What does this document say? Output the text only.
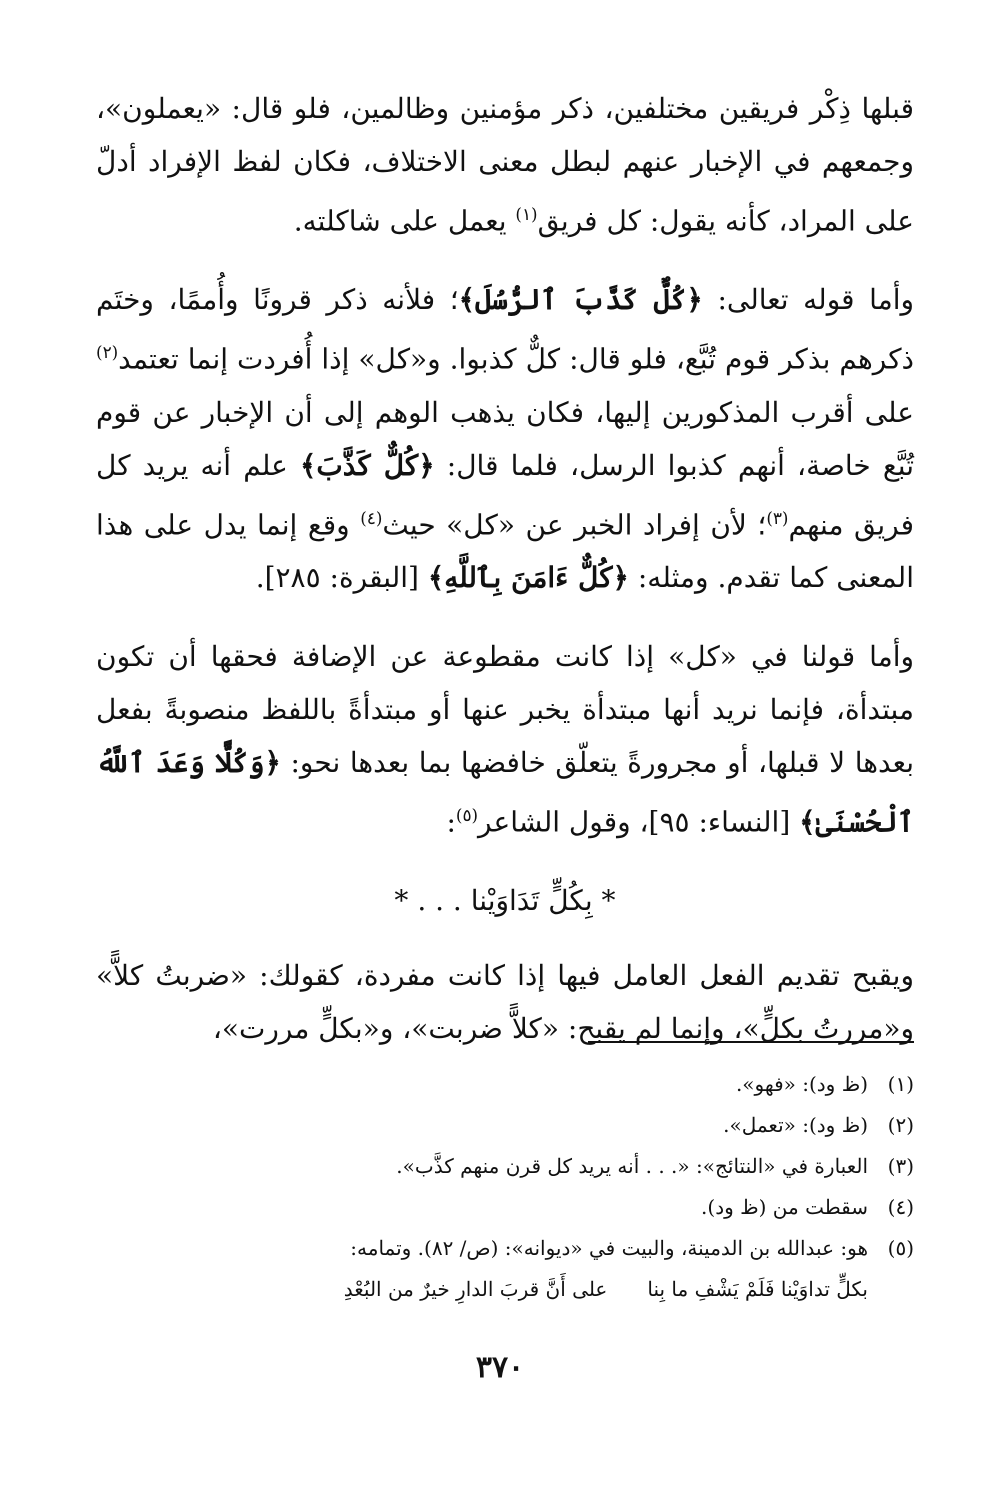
قبلها ذِكْر فريقين مختلفين، ذكر مؤمنين وظالمين، فلو قال: «يعملون»، وجمعهم في الإخبار عنهم لبطل معنى الاختلاف، فكان لفظ الإفراد أدلّ على المراد، كأنه يقول: كل فريق$^{(١)}$ يعمل على شاكلته.

وأما قوله تعالى: ﴿كُلٌّ كَذَّبَ ٱلرُّسُلَ﴾؛ فلأنه ذكر قرونًا وأُممًا، وختَم ذكرهم بذكر قوم تُبَّع، فلو قال: كلٌّ كذبوا. و«كل» إذا أُفردت إنما تعتمد$^{(٢)}$ على أقرب المذكورين إليها، فكان يذهب الوهم إلى أن الإخبار عن قوم تُبَّع خاصة، أنهم كذبوا الرسل، فلما قال: ﴿كُلٌّ كَذَّبَ﴾ علم أنه يريد كل فريق منهم$^{(٣)}$؛ لأن إفراد الخبر عن «كل» حيث$^{(٤)}$ وقع إنما يدل على هذا المعنى كما تقدم. ومثله: ﴿كُلٌّ ءَامَنَ بِٱللَّهِ﴾ [البقرة: ٢٨٥].

وأما قولنا في «كل» إذا كانت مقطوعة عن الإضافة فحقها أن تكون مبتدأة، فإنما نريد أنها مبتدأة يخبر عنها أو مبتدأةً باللفظ منصوبةً بفعل بعدها لا قبلها، أو مجرورةً يتعلّق خافضها بما بعدها نحو: ﴿وَكُلًّا وَعَدَ ٱللَّهُ ٱلْحُسْنَىٰ﴾ [النساء: ٩٥]، وقول الشاعر$^{(٥)}$:

* بِكُلٍّ تَدَاوَيْنا . . . *

ويقبح تقديم الفعل العامل فيها إذا كانت مفردة، كقولك: «ضربتُ كلاًّ» و«مررتُ بكلٍّ»، وإنما لم يقبح: «كلاًّ ضربت»، و«بكلٍّ مررت»،

(١)
(ظ ود): «فهو».
(٢)
(ظ ود): «تعمل».
(٣)
العبارة في «النتائج»: «. . . أنه يريد كل قرن منهم كذَّب».
(٤)
سقطت من (ظ ود).
(٥)
هو: عبدالله بن الدمينة، والبيت في «ديوانه»: (ص/ ٨٢). وتمامه:
بكلٍّ تداوَيْنا فَلَمْ يَشْفِ ما بِنا
على أَنَّ قربَ الدارِ خيرٌ من البُعْدِ
٣٧٠
